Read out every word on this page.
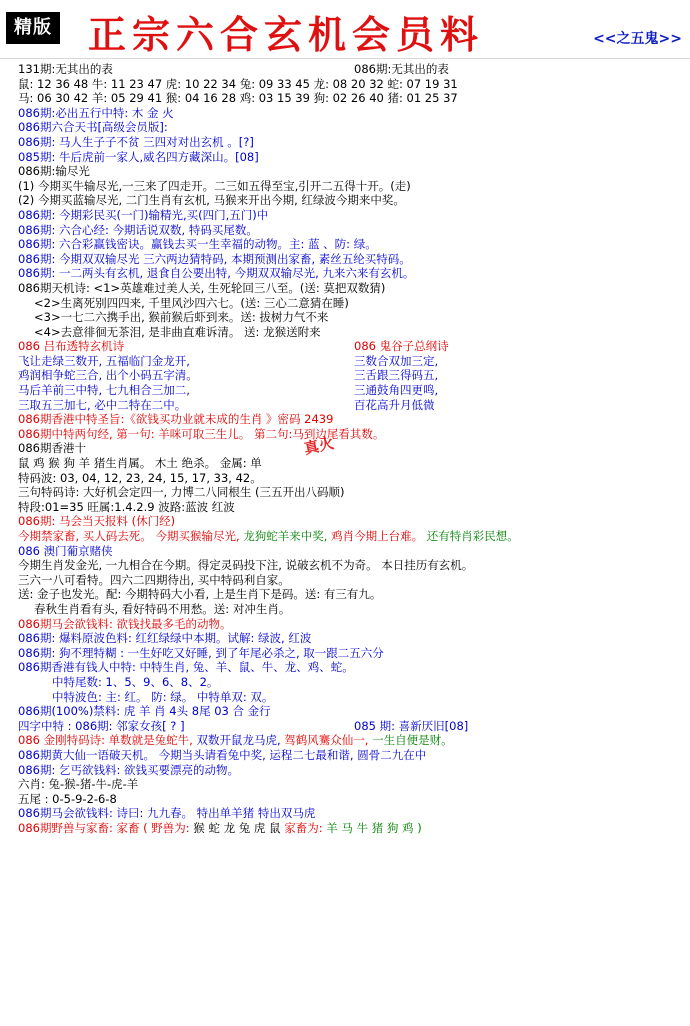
精版 正宗六合玄机会员料	<<之五鬼>>
131期:无其出的表	086期:无其出的表
鼠: 12 36 48 牛: 11 23 47 虎: 10 22 34 兔: 09 33 45 龙: 08 20 32 蛇: 07 19 31
马: 06 30 42 羊: 05 29 41 猴: 04 16 28 鸡: 03 15 39 狗: 02 26 40 猪: 01 25 37
086期:必出五行中特: 木 金 火
086期六合天书[高级会员版]:
086期: 马人生子子不贫 三四对对出玄机 。[?]
085期: 牛后虎前一家人,威名四方藏深山。[08]
086期:输尽光
(1) 今期买牛输尽光,一三来了四走开。二三如五得至宝,引开二五得十开。(走)
(2) 今期买蓝输尽光, 二门生肖有玄机, 马猴来开出今期, 红绿波今期来中奖。
086期: 今期彩民买(一门)输精光,买(四门,五门)中
086期: 六合心经: 今期话说双数, 特码买尾数。
086期: 六合彩赢钱密诀。赢钱去买一生幸福的动物。主: 蓝 、防: 绿。
086期: 今期双双输尽光 三六两边猜特码, 本期预测出家畜, 素丝五纶买特码。
086期: 一二两头有玄机, 退食自公要出特, 今期双双输尽光, 九来六来有玄机。
086期天机诗: <1>英雄难过美人关, 生死轮回三八至。(送: 莫把双数猜)
<2>生离死别四四来, 千里风沙四六七。(送: 三心二意猜在睡)
<3>一七二六携手出, 猴前猴后虾到来。送: 拔树力气不来
<4>去意徘徊无茶泪, 是非曲直难诉清。 送: 龙猴送附来
086 吕布透特玄机诗	086 鬼谷子总纲诗
飞让走绿三数开, 五福临门金龙开,	三数合双加三定,
鸡润相争蛇三合, 出个小码五字清。	三舌跟三得码五,
马后羊前三中特, 七九相合三加二,	三通鼓角四更鸣,
三取五三加七, 必中二特在二中。	百花高升月低微
086期香港中特圣旨:《欲钱买功业就未成的生肖 》密码 2439
086期中特两句经, 第一句: 羊咪可取三生儿。 第二句:马到边尾看其数。
086期香港十	真火
鼠 鸡 猴 狗 羊 猪生肖属。 木土 绝杀。 金属: 单
特码波: 03, 04, 12, 23, 24, 15, 17, 33, 42。
三句特码诗: 大好机会定四一, 力博二八同根生 (三五开出八码顺)
特段:01=35 旺属:1.4.2.9 波路:蓝波 红波
086期: 马会当天报料 (休门经)
今期禁家畜, 买人码去死。 今期买猴输尽光, 龙狗蛇羊来中奖, 鸡肖今期上台难。 还有特肖彩民想。
086 澳门葡京赌侠
今期生肖发金光, 一九相合在今期。得定灵码投下注, 说破玄机不为奇。 本日挂历有玄机。
三六一八可看特。四六二四期待出, 买中特码利自家。
送: 金子也发光。配: 今期特码大小看, 上是生肖下是码。送: 有三有九。
春秋生肖看有头, 看好特码不用愁。送: 对冲生肖。
086期马会欲钱料: 欲钱找最多毛的动物。
086期: 爆料原波色料: 红红绿绿中本期。试解: 绿波, 红波
086期: 狗不理特糊 : 一生好吃又好睡, 到了年尾必杀之, 取一跟二五六分
086期香港有钱人中特: 中特生肖, 兔、羊、鼠、牛、龙、鸡、蛇。
中特尾数: 1、5、9、6、8、2。
中特波色: 主: 红。 防: 绿。 中特单双: 双。
086期(100%)禁料: 虎 羊 肖 4头 8尾 03 合 金行
四字中特 : 086期: 邻家女孩[ ? ]	085 期: 喜新厌旧[08]
086 金刚特码诗: 单数就是兔蛇牛, 双数开鼠龙马虎, 驾鹤风騫众仙一, 一生自便是财。
086期黄大仙一语破天机。 今期当头请看兔中奖, 运程二七最和谐, 圆骨二九在中
086期: 乞丐欲钱料: 欲钱买要漂亮的动物。
六肖: 兔-猴-猪-牛-虎-羊
五尾 : 0-5-9-2-6-8
086期马会欲钱料: 诗曰: 九九春。 特出单羊猪 特出双马虎
086期野兽与家畜: 家畜 ( 野兽为: 猴 蛇 龙 兔 虎 鼠 家畜为: 羊 马 牛 猪 狗 鸡 )
